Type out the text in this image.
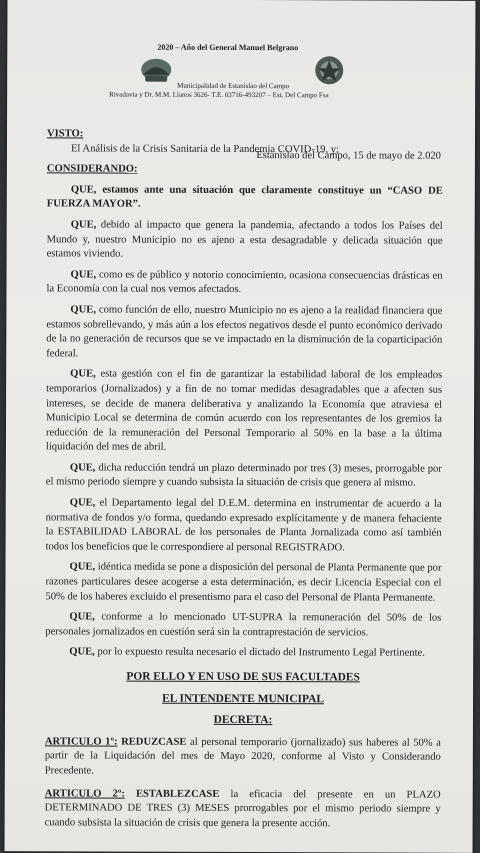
2020 – Año del General Manuel Belgrano
Municipalidad de Estanislao del Campo
Rivadavia y Dr. M.M. Llanos 3626- T.E. 03716-493207 – Est. Del Campo Fsa
Estanislao del Campo, 15 de mayo de 2.020
VISTO:

El Análisis de la Crisis Sanitaria de la Pandemia COVID-19, y;

CONSIDERANDO:

QUE, estamos ante una situación que claramente constituye un “CASO DE FUERZA MAYOR”.

QUE, debido al impacto que genera la pandemia, afectando a todos los Países del Mundo y, nuestro Municipio no es ajeno a esta desagradable y delicada situación que estamos viviendo.

QUE, como es de público y notorio conocimiento, ocasiona consecuencias drásticas en la Economía con la cual nos vemos afectados.

QUE, como función de ello, nuestro Municipio no es ajeno a la realidad financiera que estamos sobrellevando, y más aún a los efectos negativos desde el punto económico derivado de la no generación de recursos que se ve impactado en la disminución de la coparticipación federal.

QUE, esta gestión con el fin de garantizar la estabilidad laboral de los empleados temporarios (Jornalizados) y a fin de no tomar medidas desagradables que a afecten sus intereses, se decide de manera deliberativa y analizando la Economía que atraviesa el Municipio Local se determina de común acuerdo con los representantes de los gremios la reducción de la remuneración del Personal Temporario al 50% en la base a la última liquidación del mes de abril.

QUE, dicha reducción tendrá un plazo determinado por tres (3) meses, prorrogable por el mismo periodo siempre y cuando subsista la situación de crisis que genera al mismo.

QUE, el Departamento legal del D.E.M. determina en instrumentar de acuerdo a la normativa de fondos y/o forma, quedando expresado explícitamente y de manera fehaciente la ESTABILIDAD LABORAL de los personales de Planta Jornalizada como así también todos los beneficios que le correspondiere al personal REGISTRADO.

QUE, idéntica medida se pone a disposición del personal de Planta Permanente que por razones particulares desee acogerse a esta determinación, es decir Licencia Especial con el 50% de los haberes excluido el presentismo para el caso del Personal de Planta Permanente.

QUE, conforme a lo mencionado UT-SUPRA la remuneración del 50% de los personales jornalizados en cuestión será sin la contraprestación de servicios.

QUE, por lo expuesto resulta necesario el dictado del Instrumento Legal Pertinente.

POR ELLO Y EN USO DE SUS FACULTADES

EL INTENDENTE MUNICIPAL

DECRETA:

ARTICULO 1º: REDUZCASE al personal temporario (jornalizado) sus haberes al 50% a partir de la Liquidación del mes de Mayo 2020, conforme al Visto y Considerando Precedente.

ARTICULO 2º: ESTABLEZCASE la eficacia del presente en un PLAZO DETERMINADO DE TRES (3) MESES prorrogables por el mismo periodo siempre y cuando subsista la situación de crisis que genera la presente acción.
